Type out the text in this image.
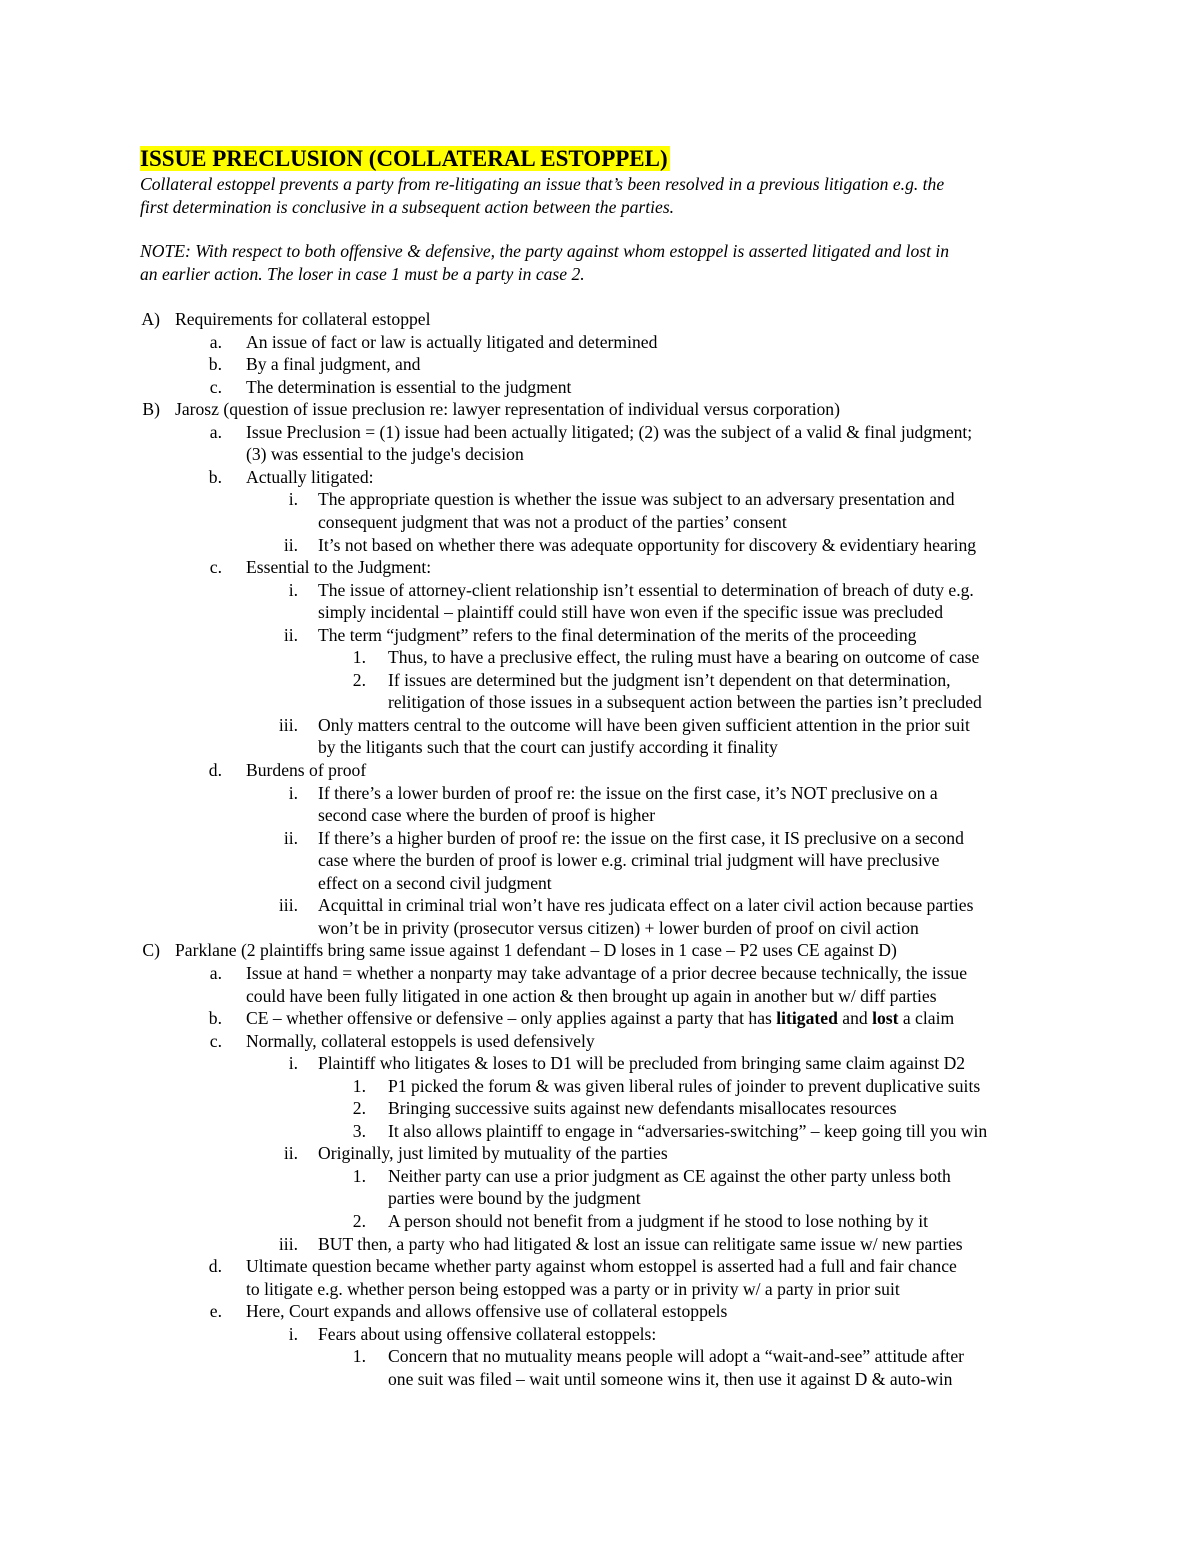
ISSUE PRECLUSION (COLLATERAL ESTOPPEL)
Collateral estoppel prevents a party from re-litigating an issue that’s been resolved in a previous litigation e.g. the
first determination is conclusive in a subsequent action between the parties.
NOTE: With respect to both offensive & defensive, the party against whom estoppel is asserted litigated and lost in
an earlier action. The loser in case 1 must be a party in case 2.
A) Requirements for collateral estoppel
a. An issue of fact or law is actually litigated and determined
b. By a final judgment, and
c. The determination is essential to the judgment
B) Jarosz (question of issue preclusion re: lawyer representation of individual versus corporation)
a. Issue Preclusion = (1) issue had been actually litigated; (2) was the subject of a valid & final judgment;
(3) was essential to the judge's decision
b. Actually litigated:
i. The appropriate question is whether the issue was subject to an adversary presentation and
consequent judgment that was not a product of the parties’ consent
ii. It’s not based on whether there was adequate opportunity for discovery & evidentiary hearing
c. Essential to the Judgment:
i. The issue of attorney-client relationship isn’t essential to determination of breach of duty e.g.
simply incidental – plaintiff could still have won even if the specific issue was precluded
ii. The term “judgment” refers to the final determination of the merits of the proceeding
1. Thus, to have a preclusive effect, the ruling must have a bearing on outcome of case
2. If issues are determined but the judgment isn’t dependent on that determination,
relitigation of those issues in a subsequent action between the parties isn’t precluded
iii. Only matters central to the outcome will have been given sufficient attention in the prior suit
by the litigants such that the court can justify according it finality
d. Burdens of proof
i. If there’s a lower burden of proof re: the issue on the first case, it’s NOT preclusive on a
second case where the burden of proof is higher
ii. If there’s a higher burden of proof re: the issue on the first case, it IS preclusive on a second
case where the burden of proof is lower e.g. criminal trial judgment will have preclusive
effect on a second civil judgment
iii. Acquittal in criminal trial won’t have res judicata effect on a later civil action because parties
won’t be in privity (prosecutor versus citizen) + lower burden of proof on civil action
C) Parklane (2 plaintiffs bring same issue against 1 defendant – D loses in 1 case – P2 uses CE against D)
a. Issue at hand = whether a nonparty may take advantage of a prior decree because technically, the issue
could have been fully litigated in one action & then brought up again in another but w/ diff parties
b. CE – whether offensive or defensive – only applies against a party that has litigated and lost a claim
c. Normally, collateral estoppels is used defensively
i. Plaintiff who litigates & loses to D1 will be precluded from bringing same claim against D2
1. P1 picked the forum & was given liberal rules of joinder to prevent duplicative suits
2. Bringing successive suits against new defendants misallocates resources
3. It also allows plaintiff to engage in “adversaries-switching” – keep going till you win
ii. Originally, just limited by mutuality of the parties
1. Neither party can use a prior judgment as CE against the other party unless both
parties were bound by the judgment
2. A person should not benefit from a judgment if he stood to lose nothing by it
iii. BUT then, a party who had litigated & lost an issue can relitigate same issue w/ new parties
d. Ultimate question became whether party against whom estoppel is asserted had a full and fair chance
to litigate e.g. whether person being estopped was a party or in privity w/ a party in prior suit
e. Here, Court expands and allows offensive use of collateral estoppels
i. Fears about using offensive collateral estoppels:
1. Concern that no mutuality means people will adopt a “wait-and-see” attitude after
one suit was filed – wait until someone wins it, then use it against D & auto-win
